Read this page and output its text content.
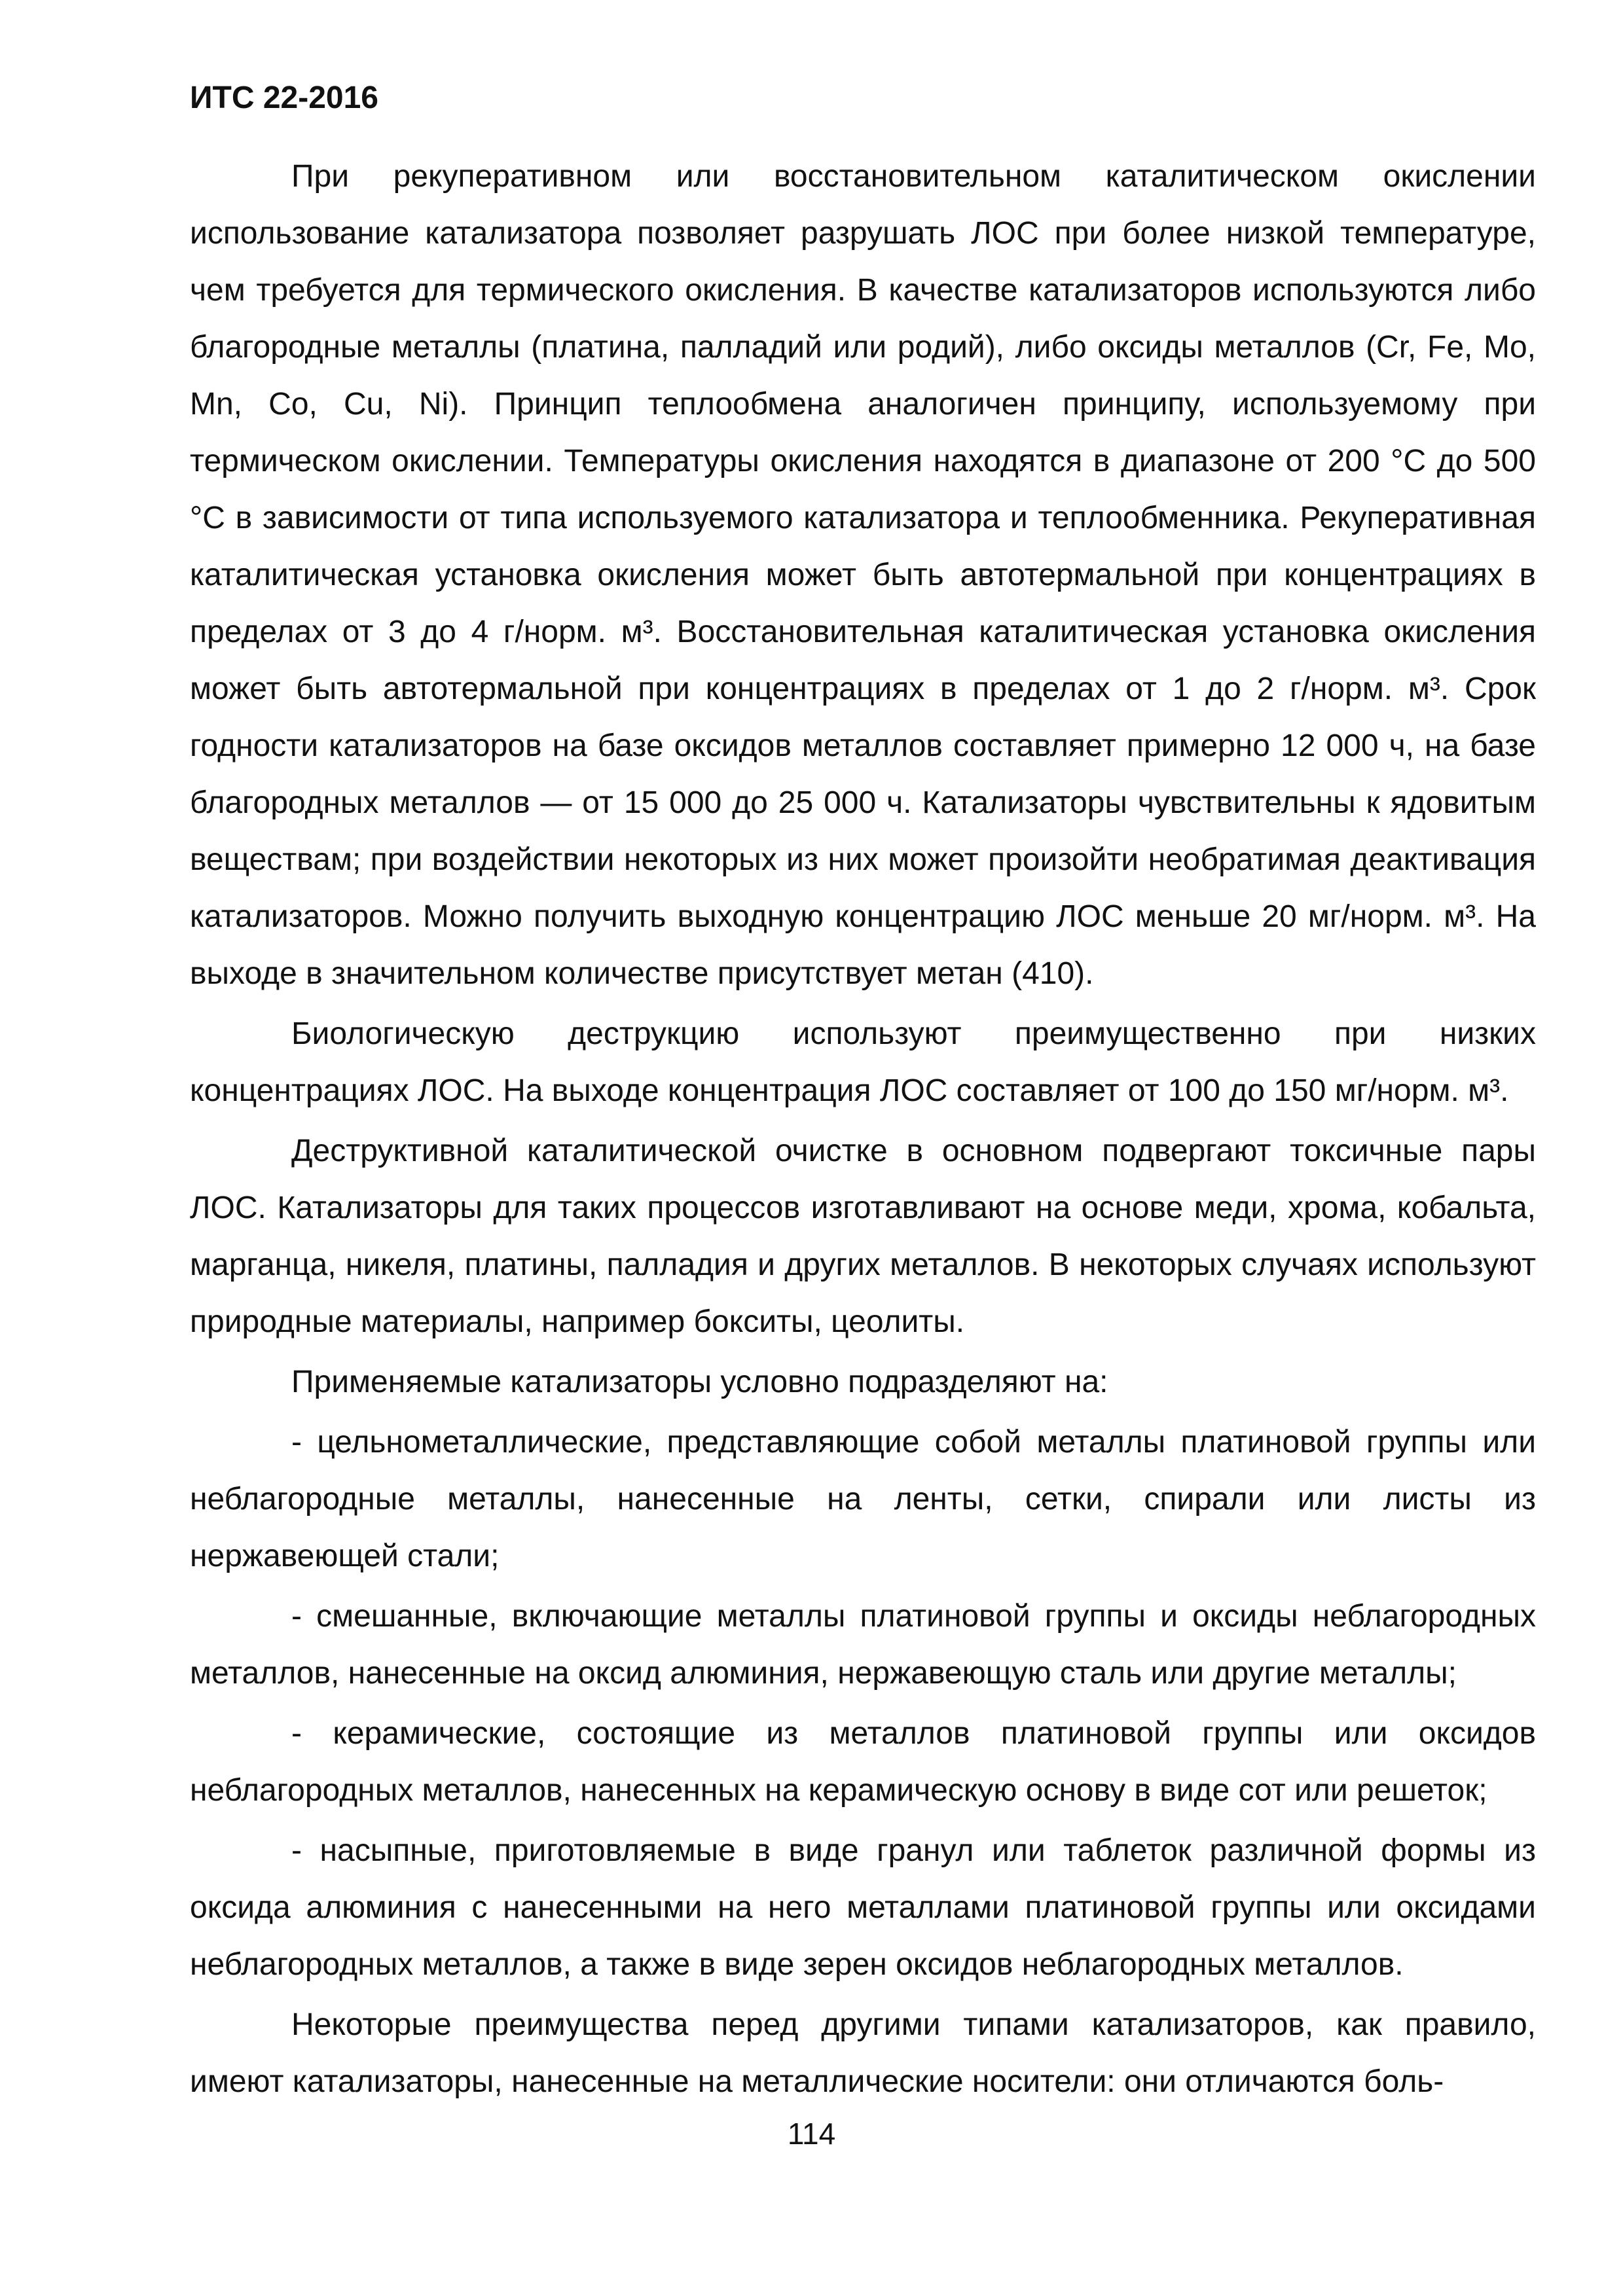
ИТС 22-2016

При рекуперативном или восстановительном каталитическом окислении использование катализатора позволяет разрушать ЛОС при более низкой температуре, чем требуется для термического окисления. В качестве катализаторов используются либо благородные металлы (платина, палладий или родий), либо оксиды металлов (Cr, Fe, Mo, Mn, Co, Cu, Ni). Принцип теплообмена аналогичен принципу, используемому при термическом окислении. Температуры окисления находятся в диапазоне от 200 °С до 500 °С в зависимости от типа используемого катализатора и теплообменника. Рекуперативная каталитическая установка окисления может быть автотермальной при концентрациях в пределах от 3 до 4 г/норм. м³. Восстановительная каталитическая установка окисления может быть автотермальной при концентрациях в пределах от 1 до 2 г/норм. м³. Срок годности катализаторов на базе оксидов металлов составляет примерно 12 000 ч, на базе благородных металлов — от 15 000 до 25 000 ч. Катализаторы чувствительны к ядовитым веществам; при воздействии некоторых из них может произойти необратимая деактивация катализаторов. Можно получить выходную концентрацию ЛОС меньше 20 мг/норм. м³. На выходе в значительном количестве присутствует метан (410).

Биологическую деструкцию используют преимущественно при низких концентрациях ЛОС. На выходе концентрация ЛОС составляет от 100 до 150 мг/норм. м³.

Деструктивной каталитической очистке в основном подвергают токсичные пары ЛОС. Катализаторы для таких процессов изготавливают на основе меди, хрома, кобальта, марганца, никеля, платины, палладия и других металлов. В некоторых случаях используют природные материалы, например бокситы, цеолиты.

Применяемые катализаторы условно подразделяют на:

- цельнометаллические, представляющие собой металлы платиновой группы или неблагородные металлы, нанесенные на ленты, сетки, спирали или листы из нержавеющей стали;

- смешанные, включающие металлы платиновой группы и оксиды неблагородных металлов, нанесенные на оксид алюминия, нержавеющую сталь или другие металлы;

- керамические, состоящие из металлов платиновой группы или оксидов неблагородных металлов, нанесенных на керамическую основу в виде сот или решеток;

- насыпные, приготовляемые в виде гранул или таблеток различной формы из оксида алюминия с нанесенными на него металлами платиновой группы или оксидами неблагородных металлов, а также в виде зерен оксидов неблагородных металлов.

Некоторые преимущества перед другими типами катализаторов, как правило, имеют катализаторы, нанесенные на металлические носители: они отличаются боль-

114
